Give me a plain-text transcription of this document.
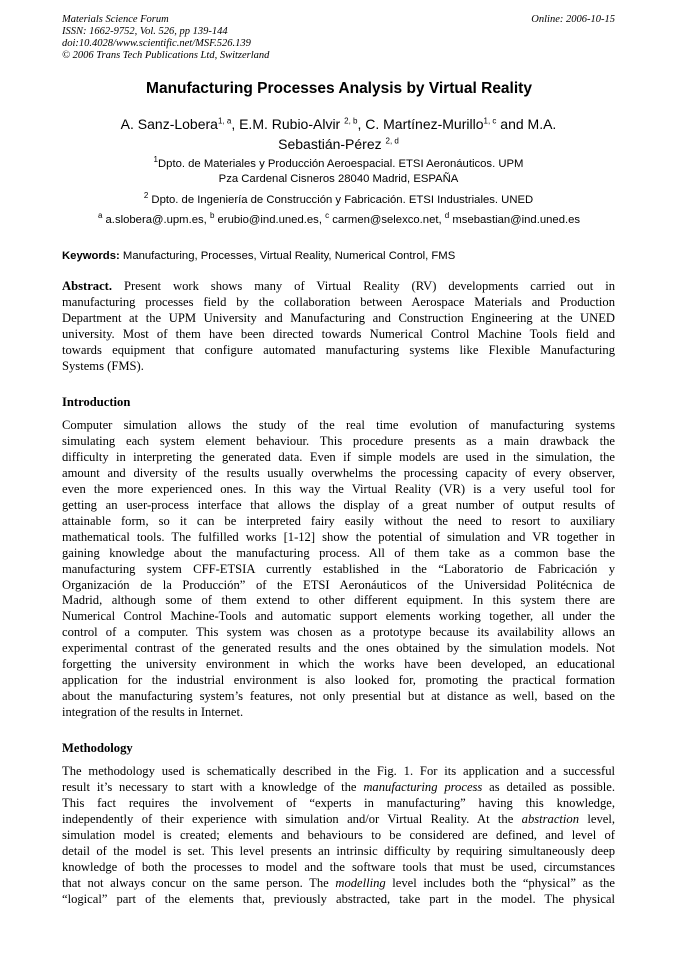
Materials Science Forum
ISSN: 1662-9752, Vol. 526, pp 139-144
doi:10.4028/www.scientific.net/MSF.526.139
© 2006 Trans Tech Publications Ltd, Switzerland
Online: 2006-10-15
Manufacturing Processes Analysis by Virtual Reality
A. Sanz-Lobera$^{1, a}$, E.M. Rubio-Alvir $^{2, b}$, C. Martínez-Murillo$^{1, c}$ and M.A.
Sebastián-Pérez $^{2, d}$
$^1$Dpto. de Materiales y Producción Aeroespacial. ETSI Aeronáuticos. UPM
Pza Cardenal Cisneros 28040 Madrid, ESPAÑA
$^2$ Dpto. de Ingeniería de Construcción y Fabricación. ETSI Industriales. UNED
$^a$ a.slobera@.upm.es, $^b$ erubio@ind.uned.es, $^c$ carmen@selexco.net, $^d$ msebastian@ind.uned.es
Keywords: Manufacturing, Processes, Virtual Reality, Numerical Control, FMS
Abstract. Present work shows many of Virtual Reality (RV) developments carried out in
manufacturing processes field by the collaboration between Aerospace Materials and Production
Department at the UPM University and Manufacturing and Construction Engineering at the UNED
university. Most of them have been directed towards Numerical Control Machine Tools field and
towards equipment that configure automated manufacturing systems like Flexible Manufacturing
Systems (FMS).
Introduction
Computer simulation allows the study of the real time evolution of manufacturing systems
simulating each system element behaviour. This procedure presents as a main drawback the
difficulty in interpreting the generated data. Even if simple models are used in the simulation, the
amount and diversity of the results usually overwhelms the processing capacity of every observer,
even the more experienced ones. In this way the Virtual Reality (VR) is a very useful tool for
getting an user-process interface that allows the display of a great number of output results of
attainable form, so it can be interpreted fairy easily without the need to resort to auxiliary
mathematical tools. The fulfilled works [1-12] show the potential of simulation and VR together in
gaining knowledge about the manufacturing process. All of them take as a common base the
manufacturing system CFF-ETSIA currently established in the “Laboratorio de Fabricación y
Organización de la Producción” of the ETSI Aeronáuticos of the Universidad Politécnica de
Madrid, although some of them extend to other different equipment. In this system there are
Numerical Control Machine-Tools and automatic support elements working together, all under the
control of a computer. This system was chosen as a prototype because its availability allows an
experimental contrast of the generated results and the ones obtained by the simulation models. Not
forgetting the university environment in which the works have been developed, an educational
application for the industrial environment is also looked for, promoting the practical formation
about the manufacturing system’s features, not only presential but at distance as well, based on the
integration of the results in Internet.
Methodology
The methodology used is schematically described in the Fig. 1. For its application and a successful
result it’s necessary to start with a knowledge of the manufacturing process as detailed as possible.
This fact requires the involvement of “experts in manufacturing” having this knowledge,
independently of their experience with simulation and/or Virtual Reality. At the abstraction level,
simulation model is created; elements and behaviours to be considered are defined, and level of
detail of the model is set. This level presents an intrinsic difficulty by requiring simultaneously deep
knowledge of both the processes to model and the software tools that must be used, circumstances
that not always concur on the same person. The modelling level includes both the “physical” as the
“logical” part of the elements that, previously abstracted, take part in the model. The physical
